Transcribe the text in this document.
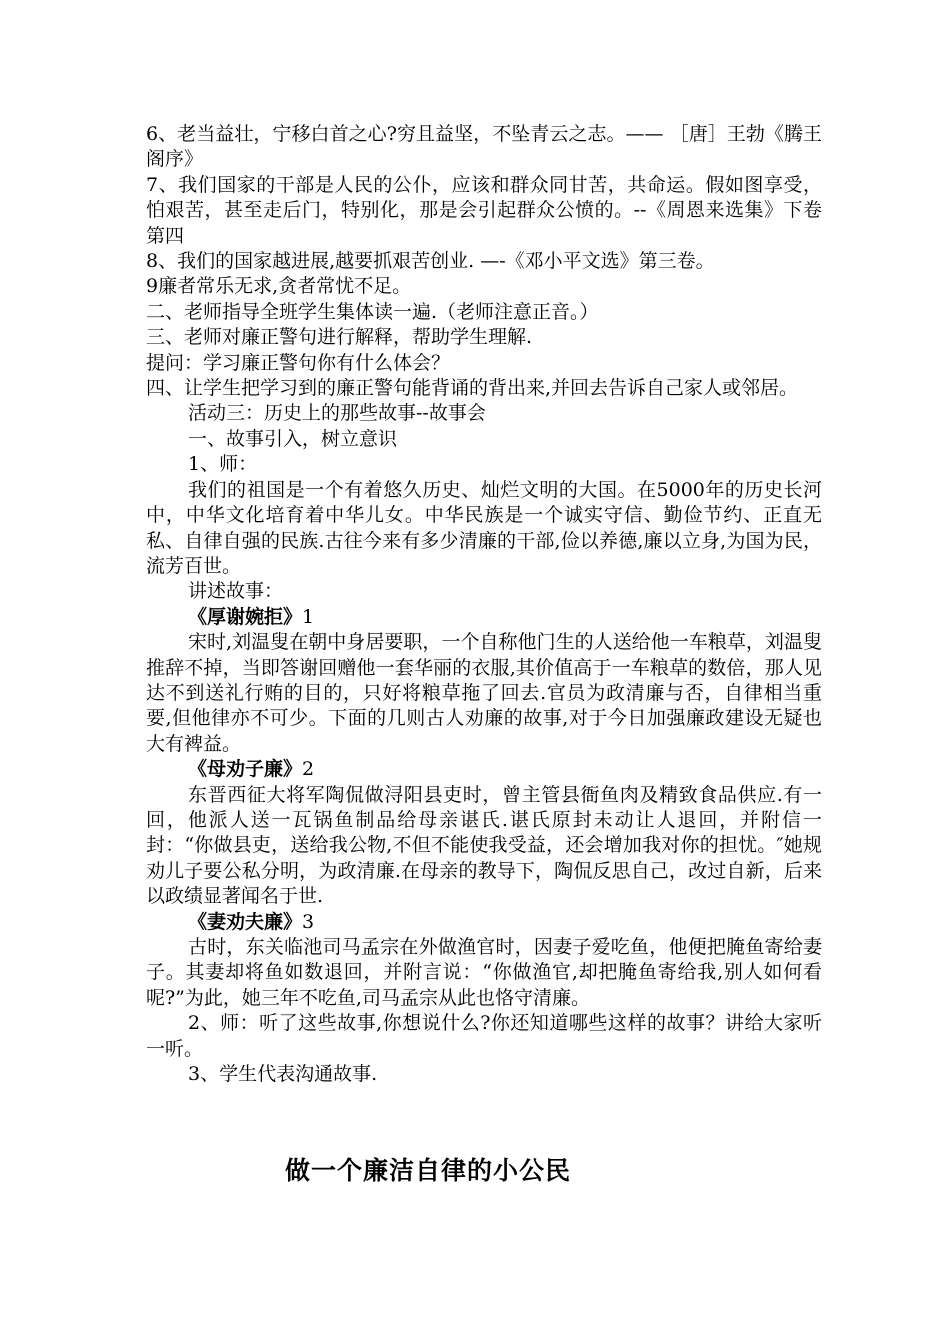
6、老当益壮，宁移白首之心?穷且益坚，不坠青云之志。—— ［唐］王勃《腾王阁序》

7、我们国家的干部是人民的公仆，应该和群众同甘苦，共命运。假如图享受，怕艰苦，甚至走后门，特别化，那是会引起群众公愤的。--《周恩来选集》下卷第四

8、我们的国家越进展,越要抓艰苦创业. —-《邓小平文选》第三卷。

9廉者常乐无求,贪者常忧不足。

二、老师指导全班学生集体读一遍.（老师注意正音。）

三、老师对廉正警句进行解释，帮助学生理解.

提问：学习廉正警句你有什么体会？

四、让学生把学习到的廉正警句能背诵的背出来,并回去告诉自己家人或邻居。

活动三：历史上的那些故事--故事会

一、故事引入，树立意识

1、师：

我们的祖国是一个有着悠久历史、灿烂文明的大国。在5000年的历史长河中，中华文化培育着中华儿女。中华民族是一个诚实守信、勤俭节约、正直无私、自律自强的民族.古往今来有多少清廉的干部,俭以养德,廉以立身,为国为民，流芳百世。

讲述故事：

《厚谢婉拒》1

宋时,刘温叟在朝中身居要职，一个自称他门生的人送给他一车粮草，刘温叟推辞不掉，当即答谢回赠他一套华丽的衣服,其价值高于一车粮草的数倍，那人见达不到送礼行贿的目的，只好将粮草拖了回去.官员为政清廉与否，自律相当重要,但他律亦不可少。下面的几则古人劝廉的故事,对于今日加强廉政建设无疑也大有裨益。

《母劝子廉》2

东晋西征大将军陶侃做浔阳县吏时，曾主管县衙鱼肉及精致食品供应.有一回，他派人送一瓦锅鱼制品给母亲谌氏.谌氏原封未动让人退回，并附信一封：“你做县吏，送给我公物,不但不能使我受益，还会增加我对你的担忧。″她规劝儿子要公私分明，为政清廉.在母亲的教导下，陶侃反思自己，改过自新，后来以政绩显著闻名于世.

《妻劝夫廉》3

古时，东关临池司马孟宗在外做渔官时，因妻子爱吃鱼，他便把腌鱼寄给妻子。其妻却将鱼如数退回，并附言说：“你做渔官,却把腌鱼寄给我,别人如何看呢?”为此，她三年不吃鱼,司马孟宗从此也恪守清廉。

2、师：听了这些故事,你想说什么?你还知道哪些这样的故事？讲给大家听一听。

3、学生代表沟通故事.

做一个廉洁自律的小公民
